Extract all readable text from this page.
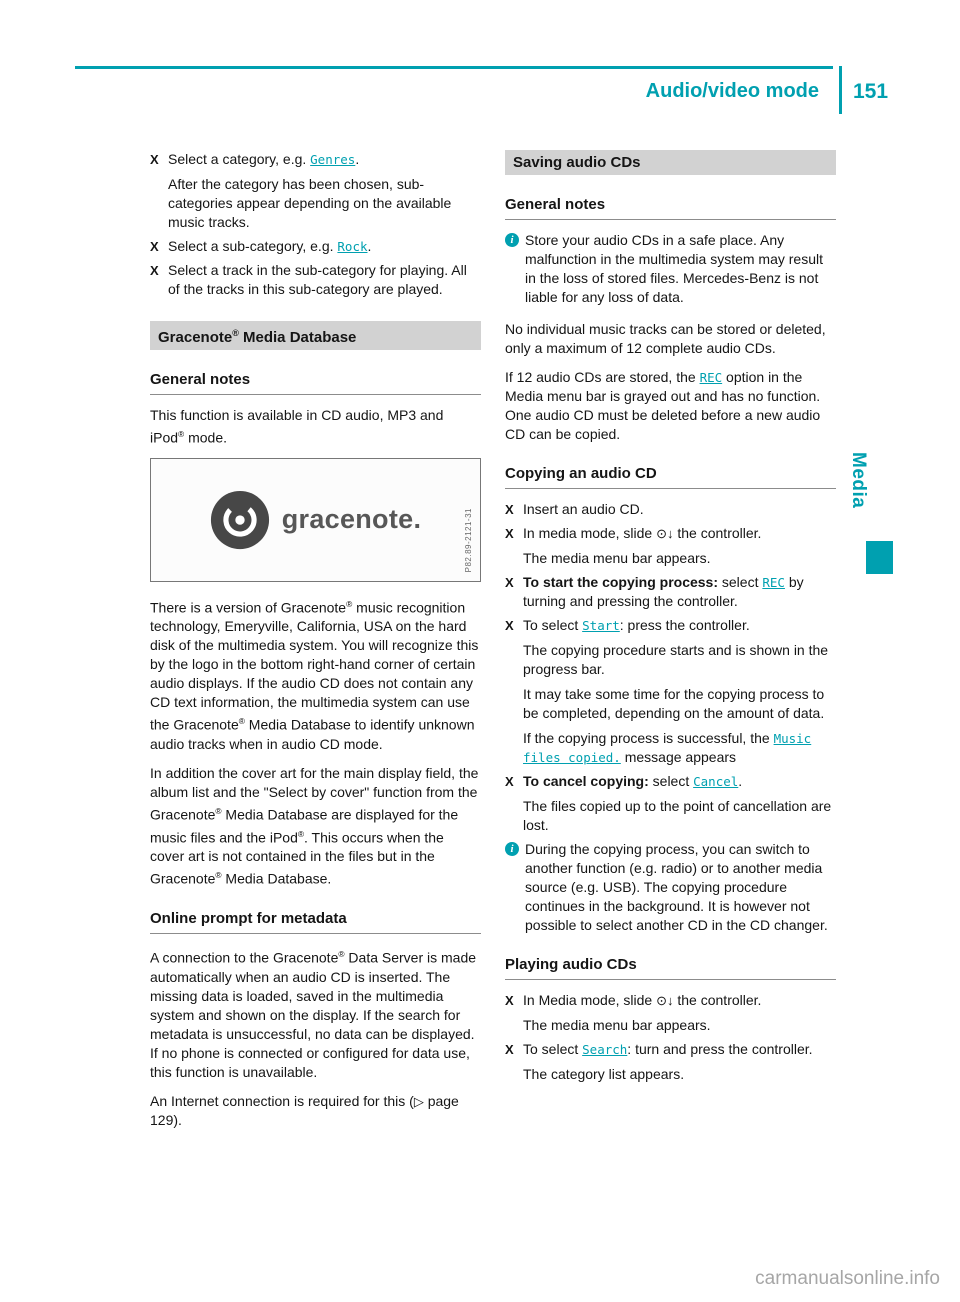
Audio/video mode	151
X Select a category, e.g. Genres.

After the category has been chosen, sub-categories appear depending on the available music tracks.

X Select a sub-category, e.g. Rock.

X Select a track in the sub-category for playing. All of the tracks in this sub-category are played.

Gracenote® Media Database

General notes

This function is available in CD audio, MP3 and iPod® mode.

gracenote.	P82.89-2121-31

There is a version of Gracenote® music recognition technology, Emeryville, California, USA on the hard disk of the multimedia system. You will recognize this by the logo in the bottom right-hand corner of certain audio displays. If the audio CD does not contain any CD text information, the multimedia system can use the Gracenote® Media Database to identify unknown audio tracks when in audio CD mode.

In addition the cover art for the main display field, the album list and the "Select by cover" function from the Gracenote® Media Database are displayed for the music files and the iPod®. This occurs when the cover art is not contained in the files but in the Gracenote® Media Database.

Online prompt for metadata

A connection to the Gracenote® Data Server is made automatically when an audio CD is inserted. The missing data is loaded, saved in the multimedia system and shown on the display. If the search for metadata is unsuccessful, no data can be displayed. If no phone is connected or configured for data use, this function is unavailable.

An Internet connection is required for this (▷ page 129).

Saving audio CDs

General notes

i Store your audio CDs in a safe place. Any malfunction in the multimedia system may result in the loss of stored files. Mercedes-Benz is not liable for any loss of data.

No individual music tracks can be stored or deleted, only a maximum of 12 complete audio CDs.

If 12 audio CDs are stored, the REC option in the Media menu bar is grayed out and has no function. One audio CD must be deleted before a new audio CD can be copied.

Copying an audio CD

X Insert an audio CD.

X In media mode, slide ⊙↓ the controller.

The media menu bar appears.

X To start the copying process: select REC by turning and pressing the controller.

X To select Start: press the controller.

The copying procedure starts and is shown in the progress bar.

It may take some time for the copying process to be completed, depending on the amount of data.

If the copying process is successful, the Music files copied. message appears

X To cancel copying: select Cancel.

The files copied up to the point of cancellation are lost.

i During the copying process, you can switch to another function (e.g. radio) or to another media source (e.g. USB). The copying procedure continues in the background. It is however not possible to select another CD in the CD changer.

Playing audio CDs

X In Media mode, slide ⊙↓ the controller.

The media menu bar appears.

X To select Search: turn and press the controller.

The category list appears.

Media
carmanualsonline.info
